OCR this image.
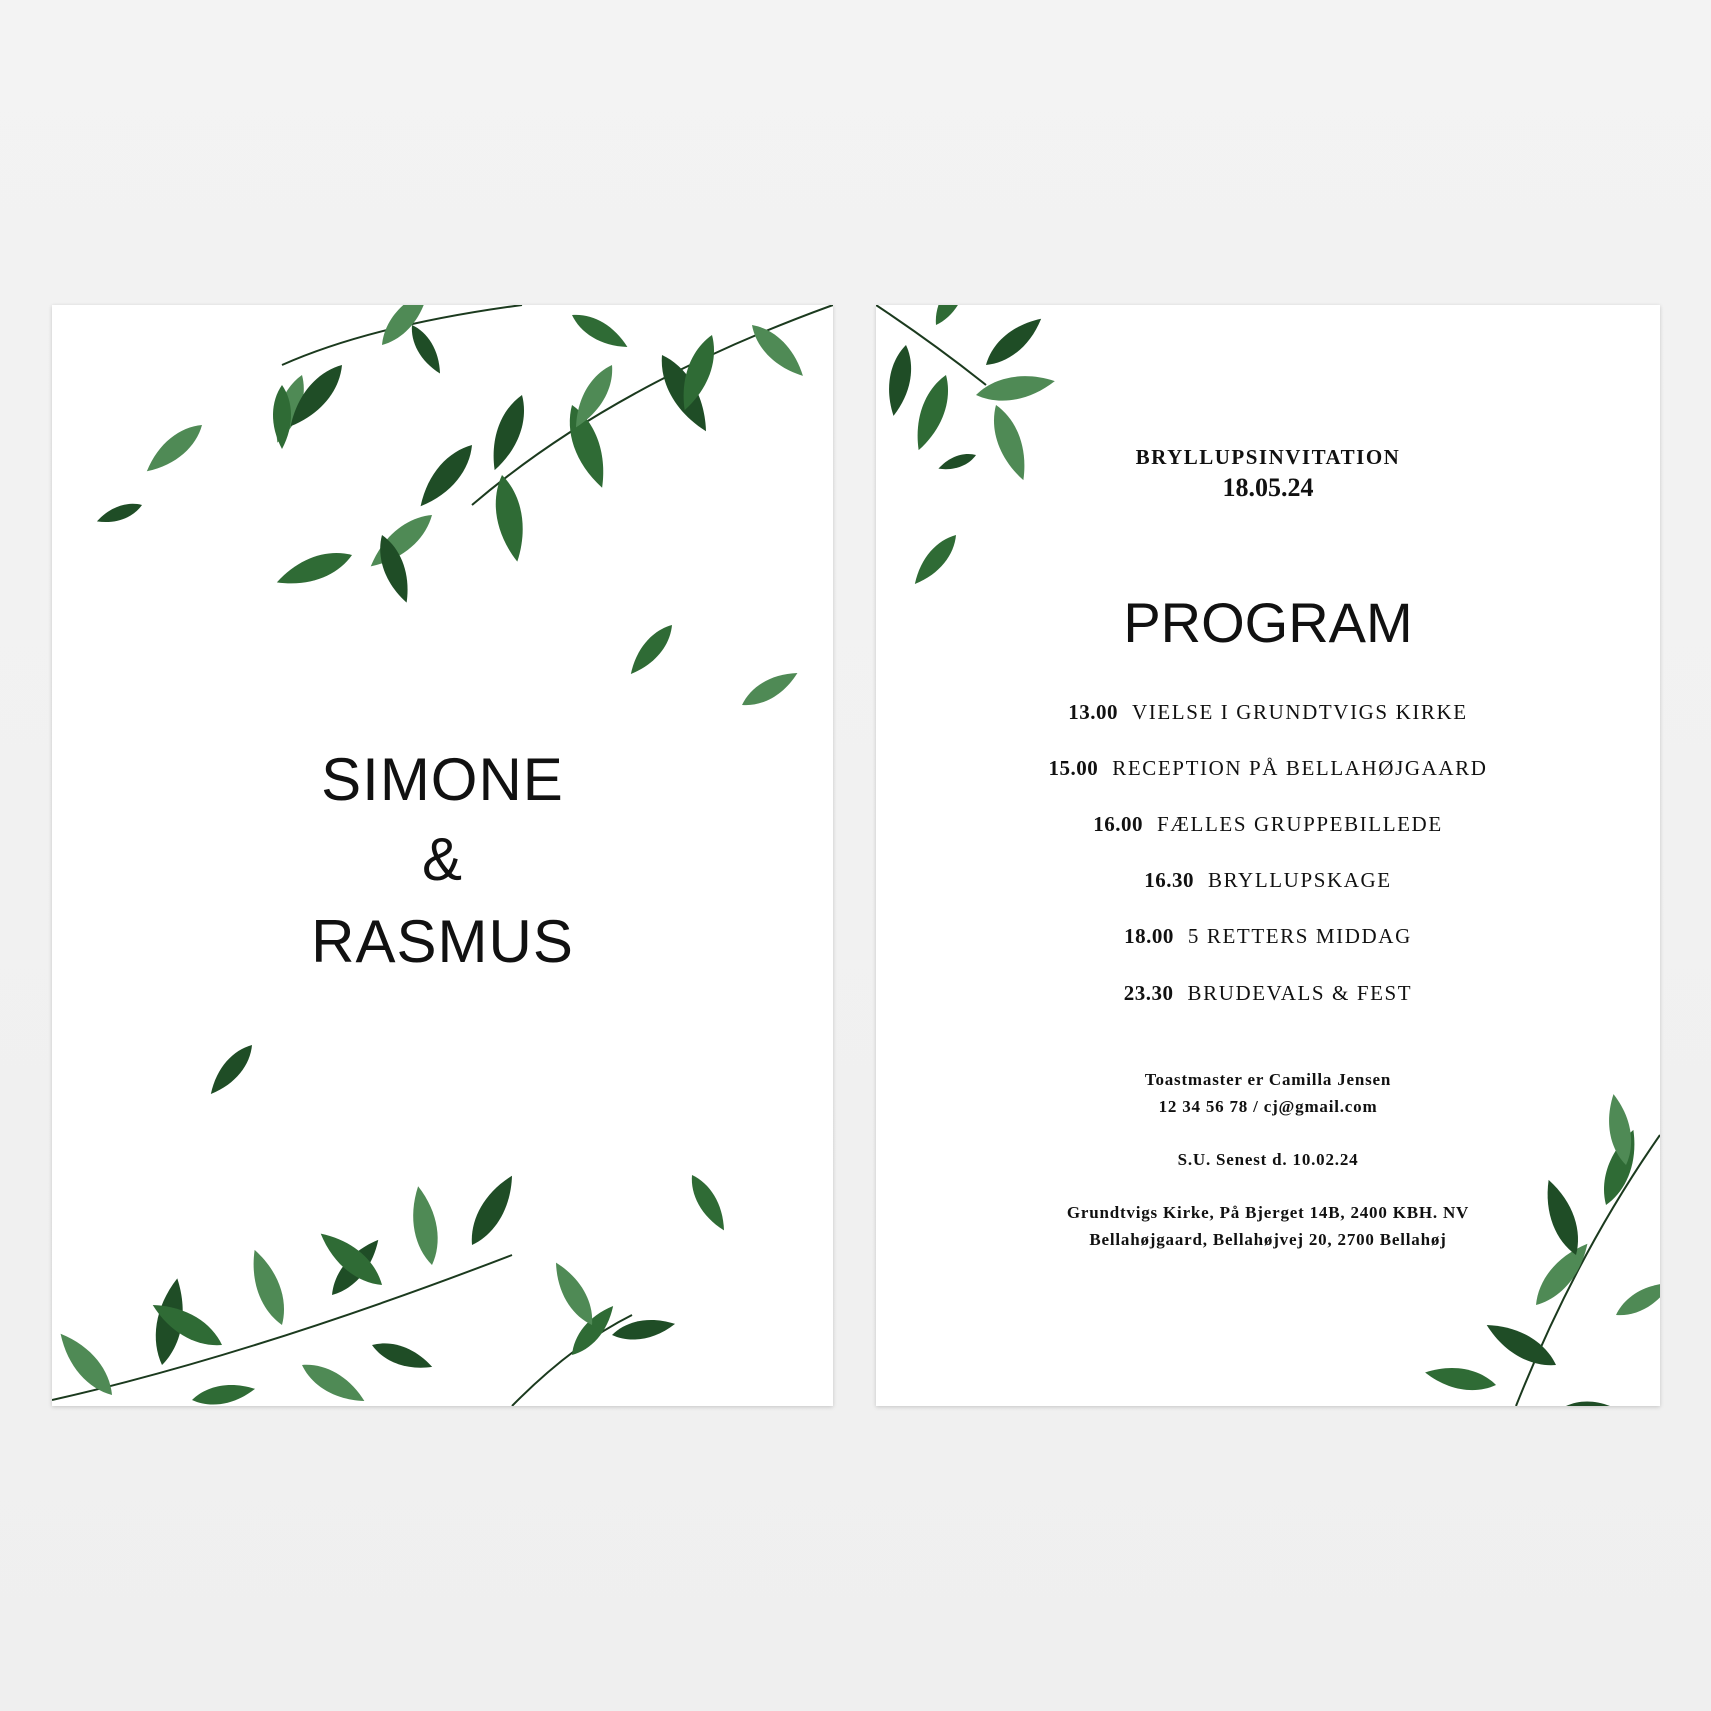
SIMONE
&
RASMUS
BRYLLUPSINVITATION
18.05.24
PROGRAM
13.00 VIELSE I GRUNDTVIGS KIRKE
15.00 RECEPTION PÅ BELLAHØJGAARD
16.00 FÆLLES GRUPPEBILLEDE
16.30 BRYLLUPSKAGE
18.00 5 RETTERS MIDDAG
23.30 BRUDEVALS & FEST
Toastmaster er Camilla Jensen
12 34 56 78 / cj@gmail.com
S.U. Senest d. 10.02.24
Grundtvigs Kirke, På Bjerget 14B, 2400 KBH. NV
Bellahøjgaard, Bellahøjvej 20, 2700 Bellahøj
